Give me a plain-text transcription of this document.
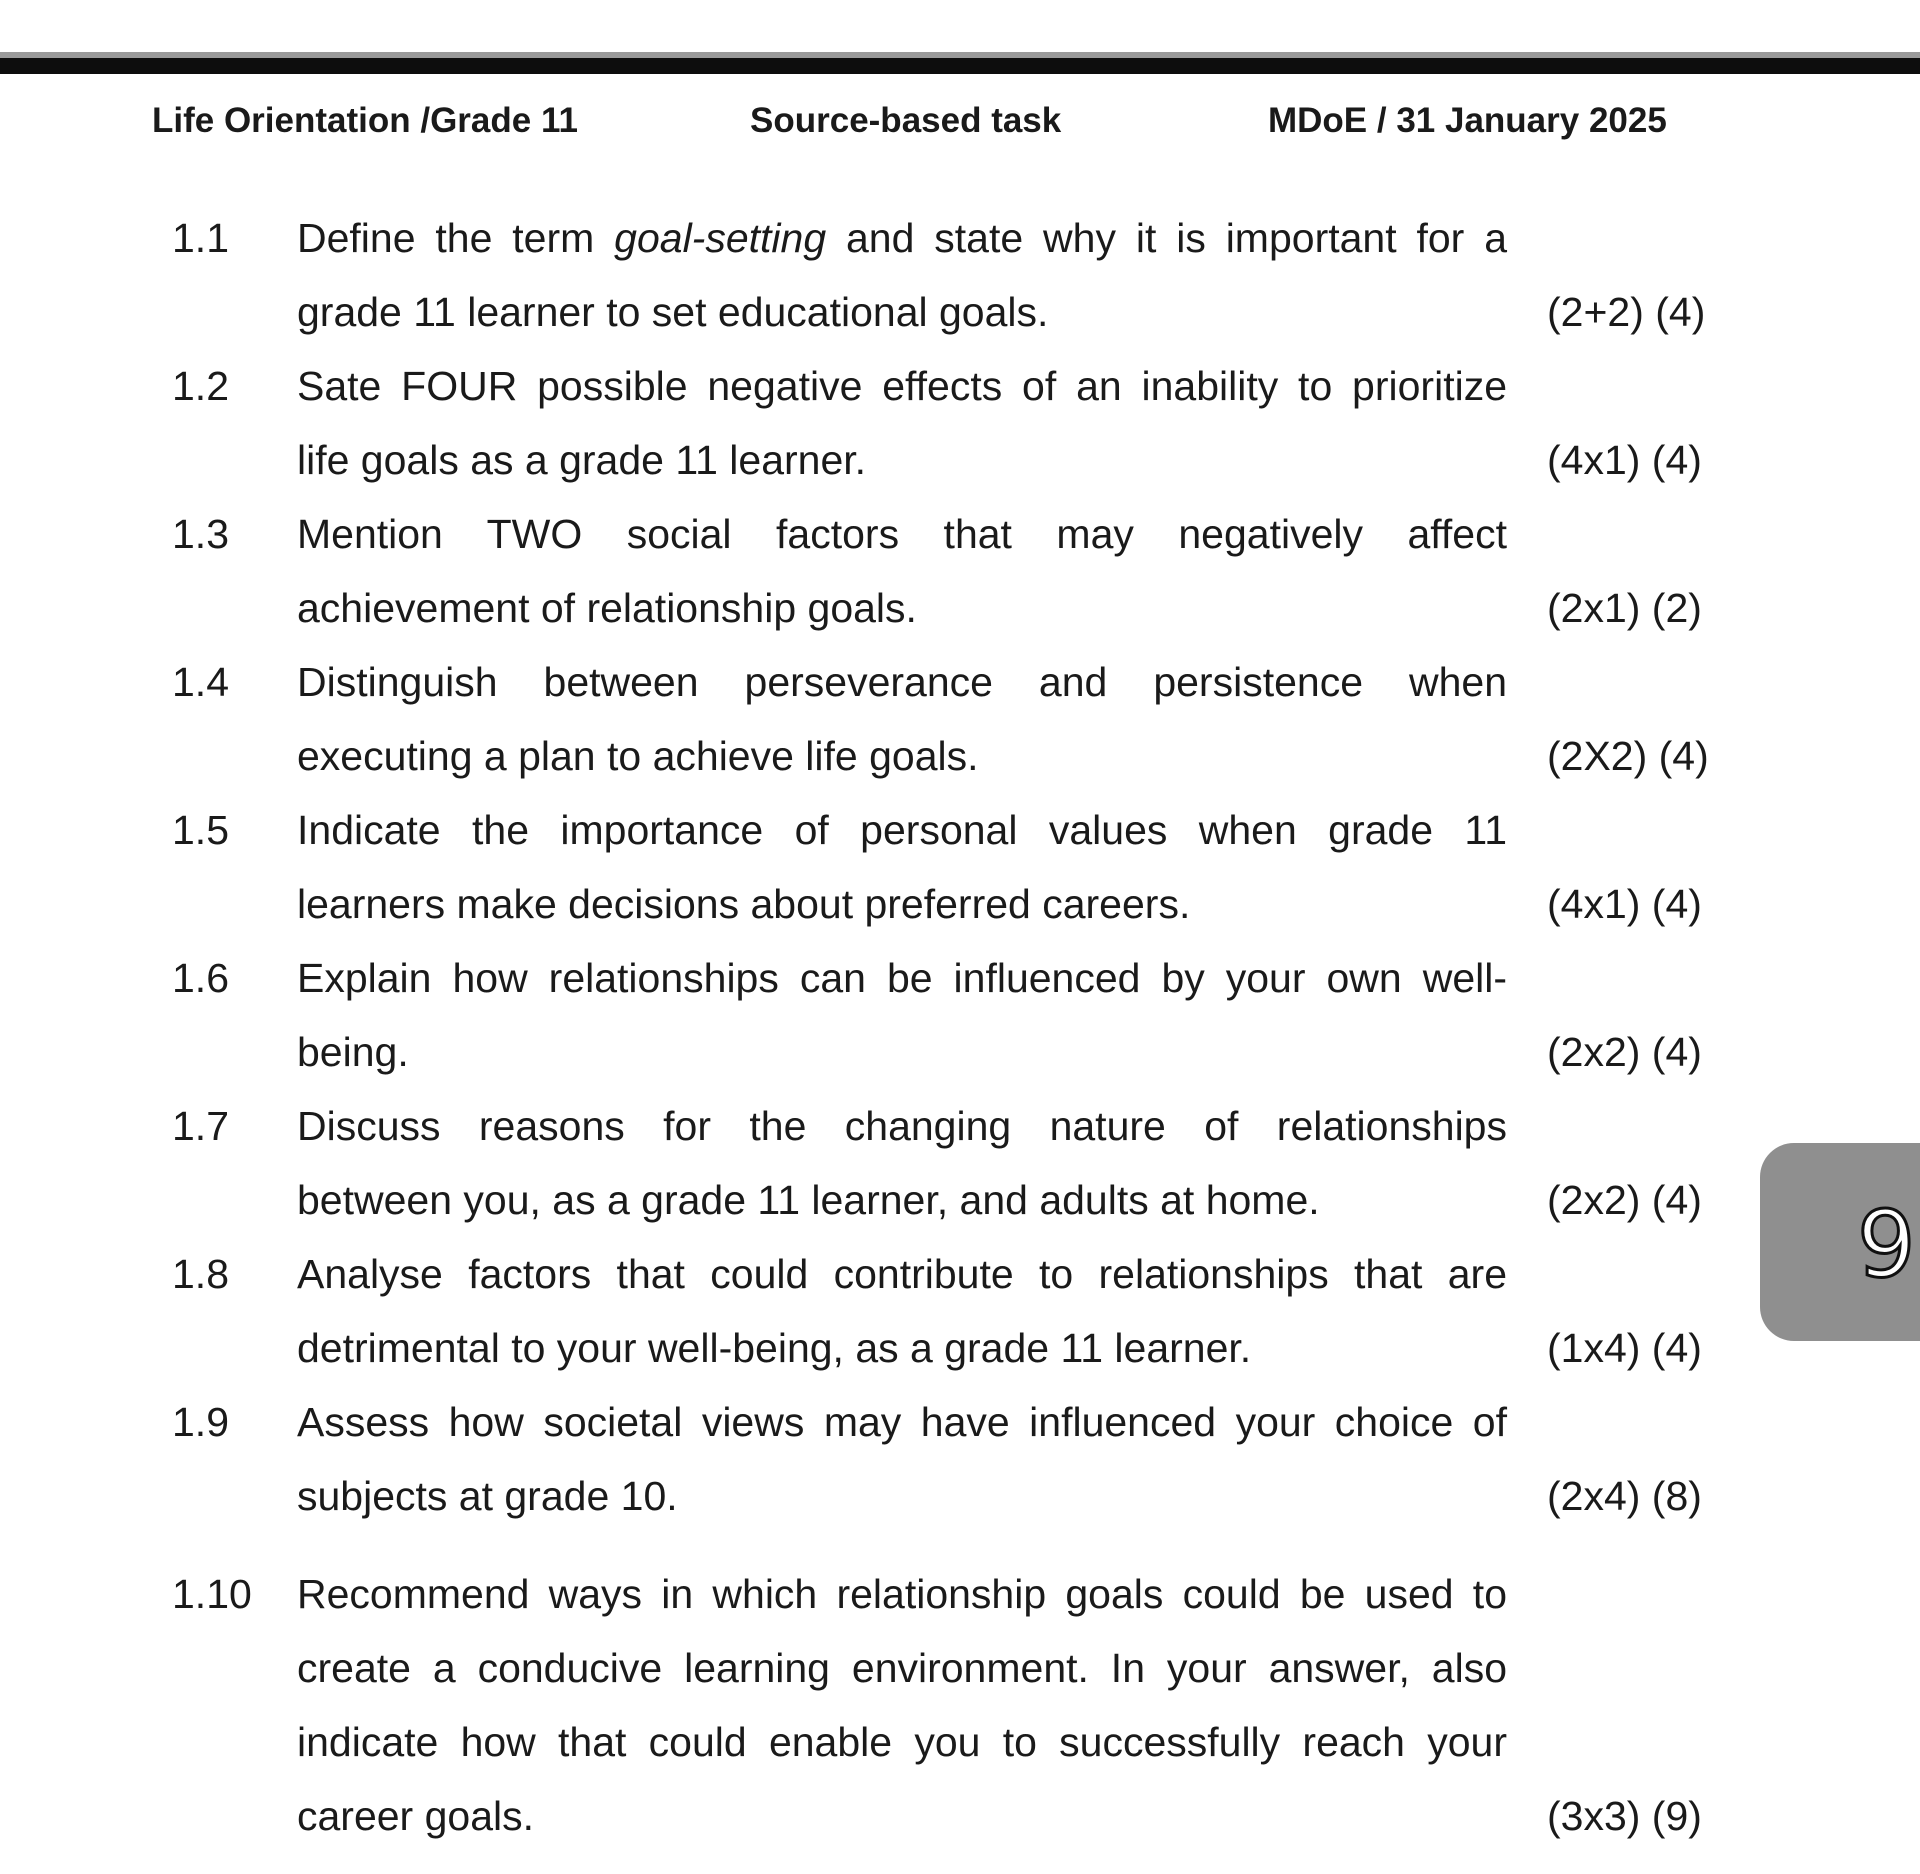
Life Orientation /Grade 11	Source-based task	MDoE / 31 January 2025
1.1 Define the term goal-setting and state why it is important for a
grade 11 learner to set educational goals.	(2+2) (4)
1.2 Sate FOUR possible negative effects of an inability to prioritize
life goals as a grade 11 learner.	(4x1) (4)
1.3 Mention TWO social factors that may negatively affect
achievement of relationship goals.	(2x1) (2)
1.4 Distinguish between perseverance and persistence when
executing a plan to achieve life goals.	(2X2) (4)
1.5 Indicate the importance of personal values when grade 11
learners make decisions about preferred careers.	(4x1) (4)
1.6 Explain how relationships can be influenced by your own well-
being.	(2x2) (4)
1.7 Discuss reasons for the changing nature of relationships
between you, as a grade 11 learner, and adults at home.	(2x2) (4)
1.8 Analyse factors that could contribute to relationships that are
detrimental to your well-being, as a grade 11 learner.	(1x4) (4)
1.9 Assess how societal views may have influenced your choice of
subjects at grade 10.	(2x4) (8)
1.10 Recommend ways in which relationship goals could be used to
create a conducive learning environment. In your answer, also
indicate how that could enable you to successfully reach your
career goals.	(3x3) (9)
9
